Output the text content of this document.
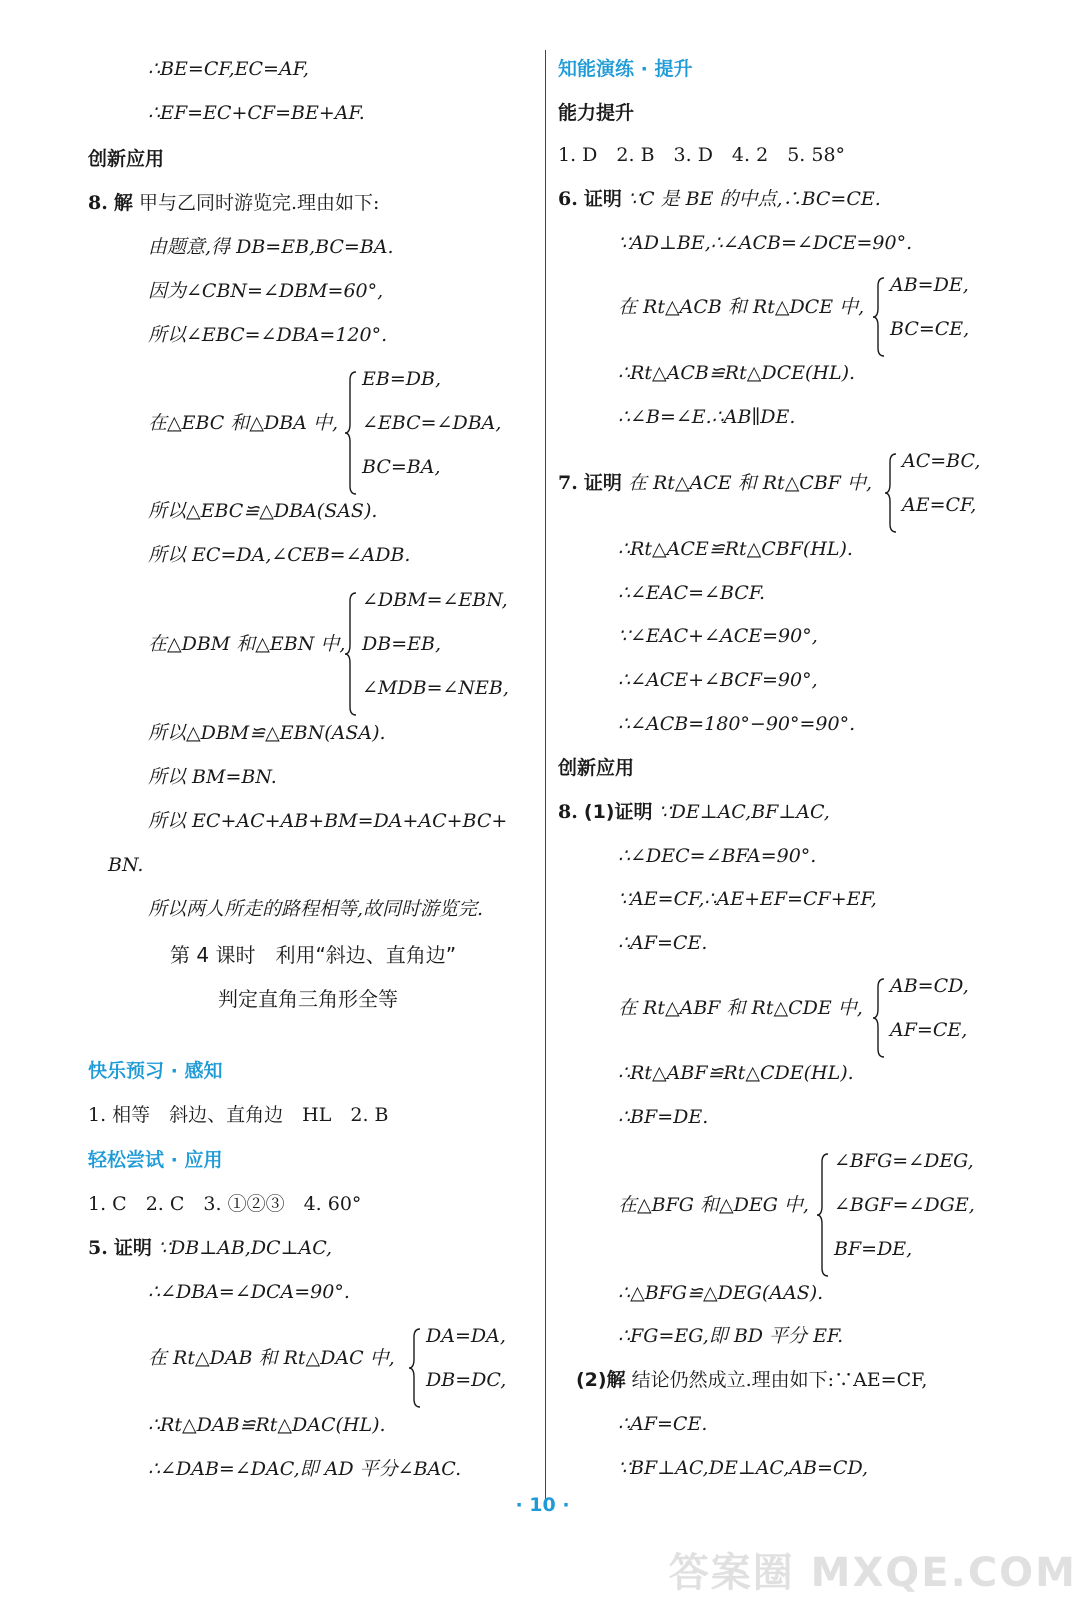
∴BE=CF,EC=AF,
∴EF=EC+CF=BE+AF.
创新应用
8. 解 甲与乙同时游览完.理由如下:
由题意,得 DB=EB,BC=BA.
因为∠CBN=∠DBM=60°,
所以∠EBC=∠DBA=120°.
在△EBC 和△DBA 中,
EB=DB,
∠EBC=∠DBA,
BC=BA,
所以△EBC≌△DBA(SAS).
所以 EC=DA,∠CEB=∠ADB.
在△DBM 和△EBN 中,
∠DBM=∠EBN,
DB=EB,
∠MDB=∠NEB,
所以△DBM≌△EBN(ASA).
所以 BM=BN.
所以 EC+AC+AB+BM=DA+AC+BC+
BN.
所以两人所走的路程相等,故同时游览完.
第 4 课时　利用“斜边、直角边”
判定直角三角形全等
快乐预习 · 感知
1. 相等　斜边、直角边　HL　2. B
轻松尝试 · 应用
1. C　2. C　3. ①②③　4. 60°
5. 证明 ∵DB⊥AB,DC⊥AC,
∴∠DBA=∠DCA=90°.
在 Rt△DAB 和 Rt△DAC 中,
DA=DA,
DB=DC,
∴Rt△DAB≌Rt△DAC(HL).
∴∠DAB=∠DAC,即 AD 平分∠BAC.
知能演练 · 提升
能力提升
1. D　2. B　3. D　4. 2　5. 58°
6. 证明 ∵C 是 BE 的中点,∴BC=CE.
∵AD⊥BE,∴∠ACB=∠DCE=90°.
在 Rt△ACB 和 Rt△DCE 中,
AB=DE,
BC=CE,
∴Rt△ACB≌Rt△DCE(HL).
∴∠B=∠E.∴AB∥DE.
7. 证明 在 Rt△ACE 和 Rt△CBF 中,
AC=BC,
AE=CF,
∴Rt△ACE≌Rt△CBF(HL).
∴∠EAC=∠BCF.
∵∠EAC+∠ACE=90°,
∴∠ACE+∠BCF=90°,
∴∠ACB=180°−90°=90°.
创新应用
8. (1)证明 ∵DE⊥AC,BF⊥AC,
∴∠DEC=∠BFA=90°.
∵AE=CF,∴AE+EF=CF+EF,
∴AF=CE.
在 Rt△ABF 和 Rt△CDE 中,
AB=CD,
AF=CE,
∴Rt△ABF≌Rt△CDE(HL).
∴BF=DE.
在△BFG 和△DEG 中,
∠BFG=∠DEG,
∠BGF=∠DGE,
BF=DE,
∴△BFG≌△DEG(AAS).
∴FG=EG,即 BD 平分 EF.
(2)解 结论仍然成立.理由如下:∵AE=CF,
∴AF=CE.
∵BF⊥AC,DE⊥AC,AB=CD,
· 10 ·
答案圈 MXQE.COM
